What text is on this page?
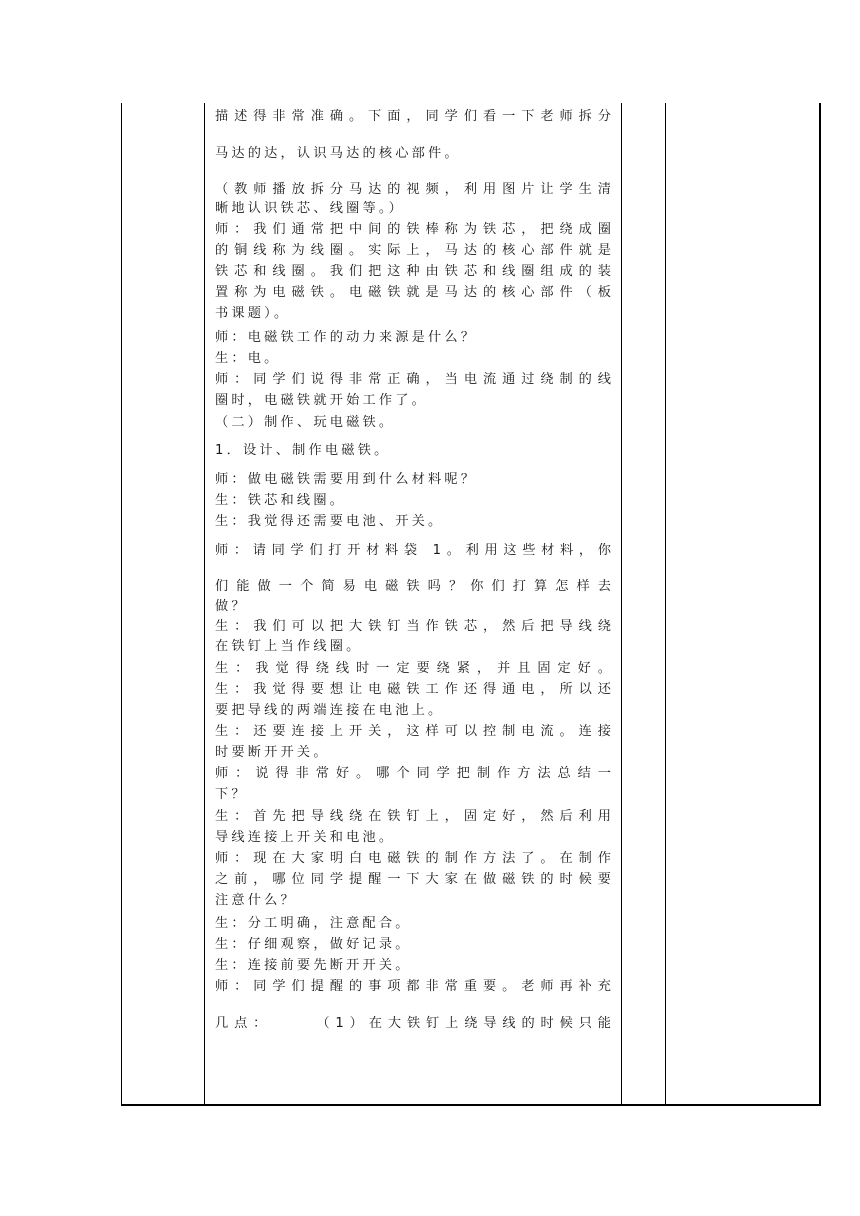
描述得非常准确。下面，同学们看一下老师拆分
马达的达，认识马达的核心部件。
（教师播放拆分马达的视频，利用图片让学生清
晰地认识铁芯、线圈等。）
师：我们通常把中间的铁棒称为铁芯，把绕成圈
的铜线称为线圈。实际上，马达的核心部件就是
铁芯和线圈。我们把这种由铁芯和线圈组成的装
置称为电磁铁。电磁铁就是马达的核心部件（板
书课题）。
师：电磁铁工作的动力来源是什么？
生：电。
师：同学们说得非常正确，当电流通过绕制的线
圈时，电磁铁就开始工作了。
（二）制作、玩电磁铁。
1．设计、制作电磁铁。
师：做电磁铁需要用到什么材料呢？
生：铁芯和线圈。
生：我觉得还需要电池、开关。
师：请同学们打开材料袋 1。利用这些材料，你
们能做一个简易电磁铁吗？你们打算怎样去
做？
生：我们可以把大铁钉当作铁芯，然后把导线绕
在铁钉上当作线圈。
生：我觉得绕线时一定要绕紧，并且固定好。
生：我觉得要想让电磁铁工作还得通电，所以还
要把导线的两端连接在电池上。
生：还要连接上开关，这样可以控制电流。连接
时要断开开关。
师：说得非常好。哪个同学把制作方法总结一
下？
生：首先把导线绕在铁钉上，固定好，然后利用
导线连接上开关和电池。
师：现在大家明白电磁铁的制作方法了。在制作
之前，哪位同学提醒一下大家在做磁铁的时候要
注意什么？
生：分工明确，注意配合。
生：仔细观察，做好记录。
生：连接前要先断开开关。
师：同学们提醒的事项都非常重要。老师再补充
几点：　　　（1）在大铁钉上绕导线的时候只能
